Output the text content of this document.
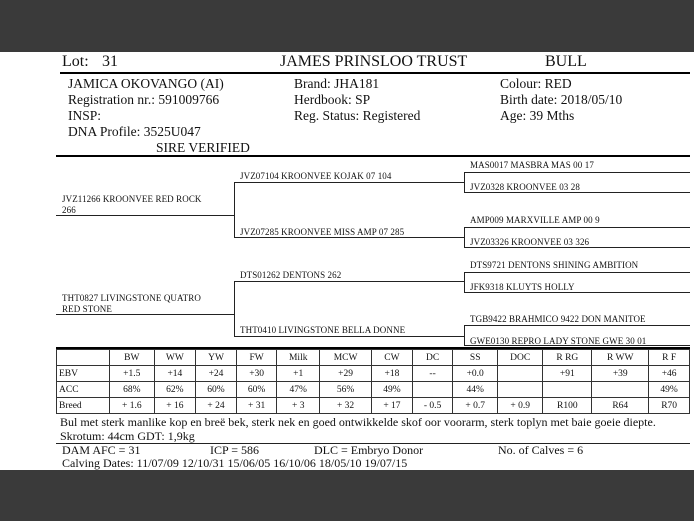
Lot: 31	JAMES PRINSLOO TRUST	BULL
JAMICA OKOVANGO (AI)
Registration nr.: 591009766
INSP:
DNA Profile: 3525U047
SIRE VERIFIED
Brand: JHA181
Herdbook: SP
Reg. Status: Registered
Colour: RED
Birth date: 2018/05/10
Age: 39 Mths
JVZ11266 KROONVEE RED ROCK
266
JVZ07104 KROONVEE KOJAK 07 104
JVZ07285 KROONVEE MISS AMP 07 285
MAS0017 MASBRA MAS 00 17
JVZ0328 KROONVEE 03 28
AMP009 MARXVILLE AMP 00 9
JVZ03326 KROONVEE 03 326
THT0827 LIVINGSTONE QUATRO
RED STONE
DTS01262 DENTONS 262
THT0410 LIVINGSTONE BELLA DONNE
DTS9721 DENTONS SHINING AMBITION
JFK9318 KLUYTS HOLLY
TGB9422 BRAHMICO 9422 DON MANITOE
GWE0130 REPRO LADY STONE GWE 30 01
	BW	WW	YW	FW	Milk	MCW	CW	DC	SS	DOC	R RG	R WW	R F
EBV	+1.5	+14	+24	+30	+1	+29	+18	--	+0.0		+91	+39	+46
ACC	68%	62%	60%	60%	47%	56%	49%		44%				49%
Breed	+ 1.6	+ 16	+ 24	+ 31	+ 3	+ 32	+ 17	- 0.5	+ 0.7	+ 0.9	R100	R64	R70
Bul met sterk manlike kop en breë bek, sterk nek en goed ontwikkelde skof oor voorarm, sterk toplyn met baie goeie diepte.
Skrotum: 44cm GDT: 1,9kg
DAM AFC = 31	ICP = 586	DLC = Embryo Donor	No. of Calves = 6
Calving Dates: 11/07/09 12/10/31 15/06/05 16/10/06 18/05/10 19/07/15
